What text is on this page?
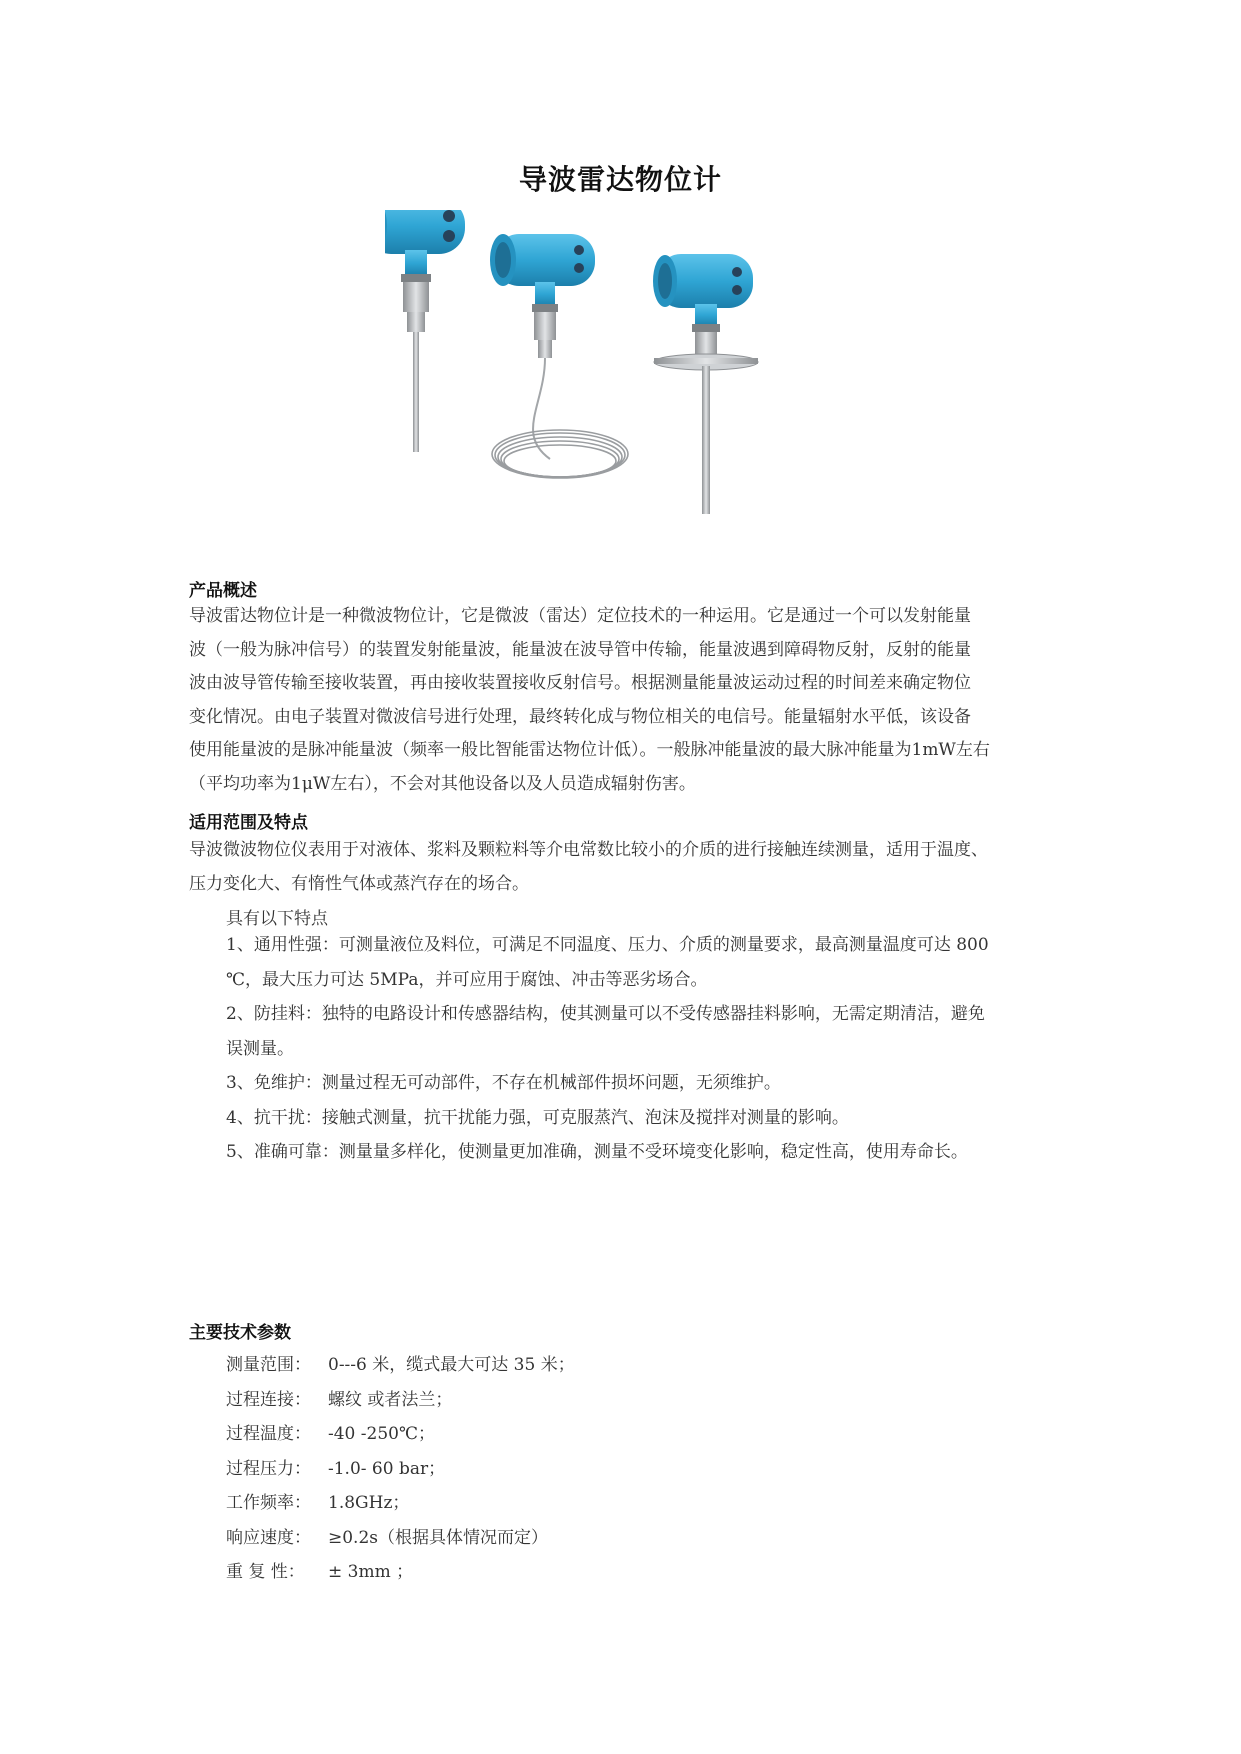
导波雷达物位计
产品概述
导波雷达物位计是一种微波物位计，它是微波（雷达）定位技术的一种运用。它是通过一个可以发射能量
波（一般为脉冲信号）的装置发射能量波，能量波在波导管中传输，能量波遇到障碍物反射，反射的能量
波由波导管传输至接收装置，再由接收装置接收反射信号。根据测量能量波运动过程的时间差来确定物位
变化情况。由电子装置对微波信号进行处理，最终转化成与物位相关的电信号。能量辐射水平低，该设备
使用能量波的是脉冲能量波（频率一般比智能雷达物位计低）。一般脉冲能量波的最大脉冲能量为1mW左右
（平均功率为1μW左右），不会对其他设备以及人员造成辐射伤害。
适用范围及特点
导波微波物位仪表用于对液体、浆料及颗粒料等介电常数比较小的介质的进行接触连续测量，适用于温度、
压力变化大、有惰性气体或蒸汽存在的场合。
具有以下特点
1、通用性强：可测量液位及料位，可满足不同温度、压力、介质的测量要求，最高测量温度可达 800
℃，最大压力可达 5MPa，并可应用于腐蚀、冲击等恶劣场合。
2、防挂料：独特的电路设计和传感器结构，使其测量可以不受传感器挂料影响，无需定期清洁，避免
误测量。
3、免维护：测量过程无可动部件，不存在机械部件损坏问题，无须维护。
4、抗干扰：接触式测量，抗干扰能力强，可克服蒸汽、泡沫及搅拌对测量的影响。
5、准确可靠：测量量多样化，使测量更加准确，测量不受环境变化影响，稳定性高，使用寿命长。
主要技术参数
测量范围：	0---6 米，缆式最大可达 35 米；
过程连接：	螺纹 或者法兰；
过程温度：	-40 -250℃；
过程压力：	-1.0- 60 bar；
工作频率：	1.8GHz；
响应速度：	≥0.2s（根据具体情况而定）
重 复 性：	± 3mm ；
